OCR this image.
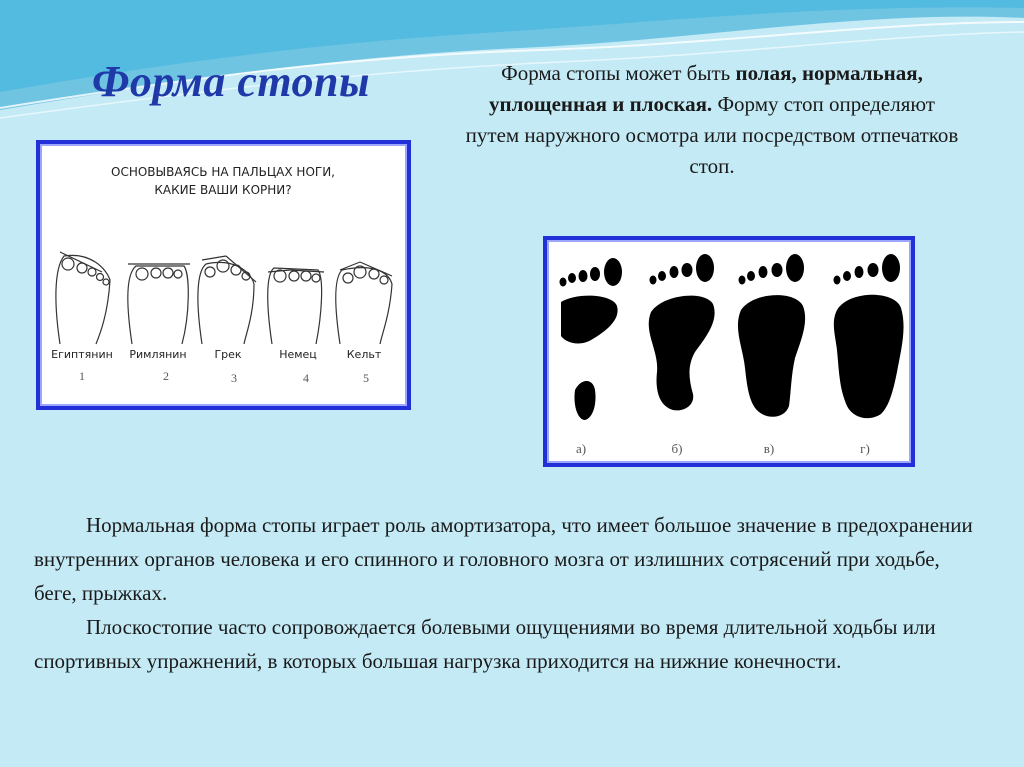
Форма стопы	Форма стопы может быть полая, нормальная, уплощенная и плоская. Форму стоп определяют путем наружного осмотра или посредством отпечатков стоп.
ОСНОВЫВАЯСЬ НА ПАЛЬЦАХ НОГИ,
КАКИЕ ВАШИ КОРНИ?
Египтянин Римлянин	Грек	Немец	Кельт
1	2	3	4	5
а)	б)	в)	г)

Нормальная форма стопы играет роль амортизатора, что имеет большое значение в предохранении внутренних органов человека и его спинного и головного мозга от излишних сотрясений при ходьбе, беге, прыжках.

Плоскостопие часто сопровождается болевыми ощущениями во время длительной ходьбы или спортивных упражнений, в которых большая нагрузка приходится на нижние конечности.
